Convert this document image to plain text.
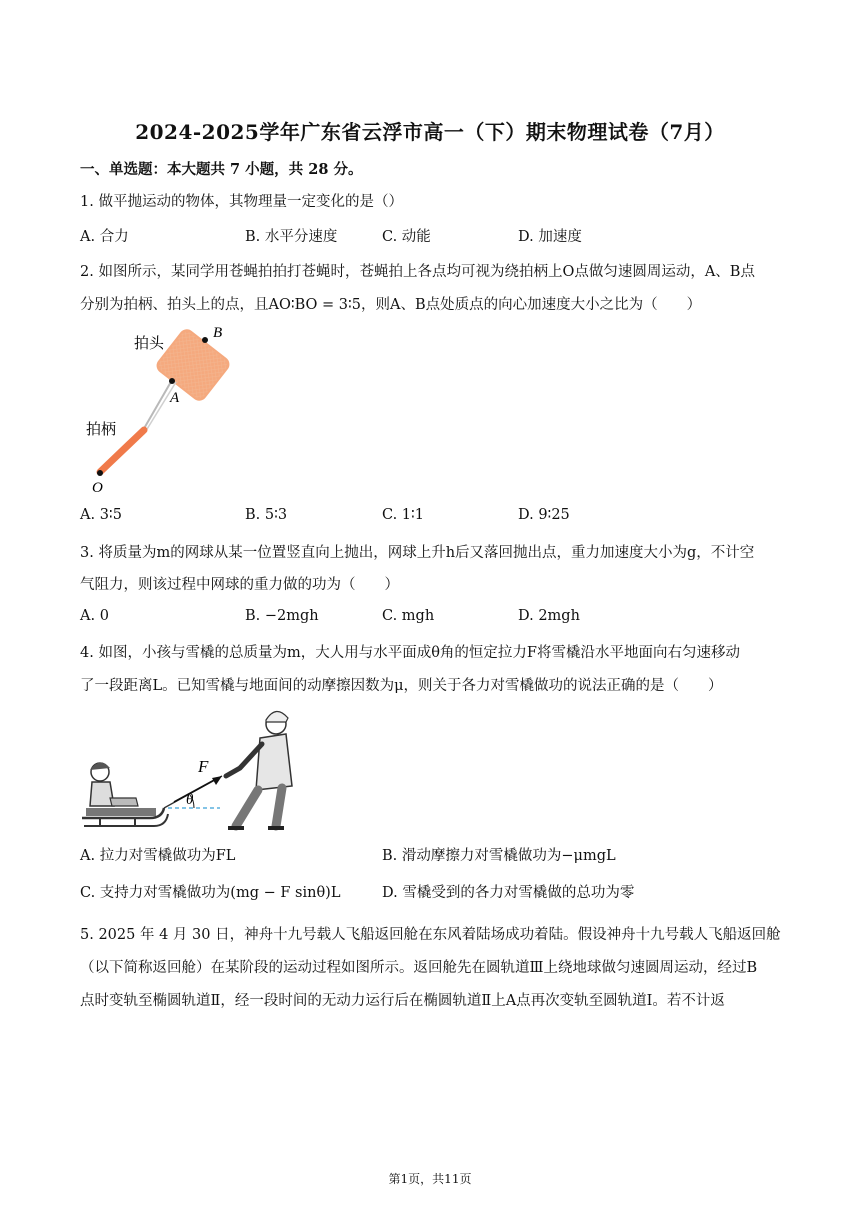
2024-2025学年广东省云浮市高一（下）期末物理试卷（7月）
一、单选题：本大题共 7 小题，共 28 分。
1. 做平抛运动的物体，其物理量一定变化的是（）
A. 合力	B. 水平分速度	C. 动能	D. 加速度
2. 如图所示，某同学用苍蝇拍拍打苍蝇时，苍蝇拍上各点均可视为绕拍柄上O点做匀速圆周运动，A、B点
分别为拍柄、拍头上的点，且AO∶BO = 3∶5，则A、B点处质点的向心加速度大小之比为（　　）
B
A
O
拍头
拍柄
A. 3∶5	B. 5∶3	C. 1∶1	D. 9∶25
3. 将质量为m的网球从某一位置竖直向上抛出，网球上升h后又落回抛出点，重力加速度大小为g，不计空
气阻力，则该过程中网球的重力做的功为（　　）
A. 0	B. −2mgh	C. mgh	D. 2mgh
4. 如图，小孩与雪橇的总质量为m，大人用与水平面成θ角的恒定拉力F将雪橇沿水平地面向右匀速移动
了一段距离L。已知雪橇与地面间的动摩擦因数为μ，则关于各力对雪橇做功的说法正确的是（　　）
F
θ
A. 拉力对雪橇做功为FL	B. 滑动摩擦力对雪橇做功为−μmgL
C. 支持力对雪橇做功为(mg − F sinθ)L	D. 雪橇受到的各力对雪橇做的总功为零
5. 2025 年 4 月 30 日，神舟十九号载人飞船返回舱在东风着陆场成功着陆。假设神舟十九号载人飞船返回舱
（以下简称返回舱）在某阶段的运动过程如图所示。返回舱先在圆轨道Ⅲ上绕地球做匀速圆周运动，经过B
点时变轨至椭圆轨道Ⅱ，经一段时间的无动力运行后在椭圆轨道Ⅱ上A点再次变轨至圆轨道Ⅰ。若不计返
第1页，共11页
